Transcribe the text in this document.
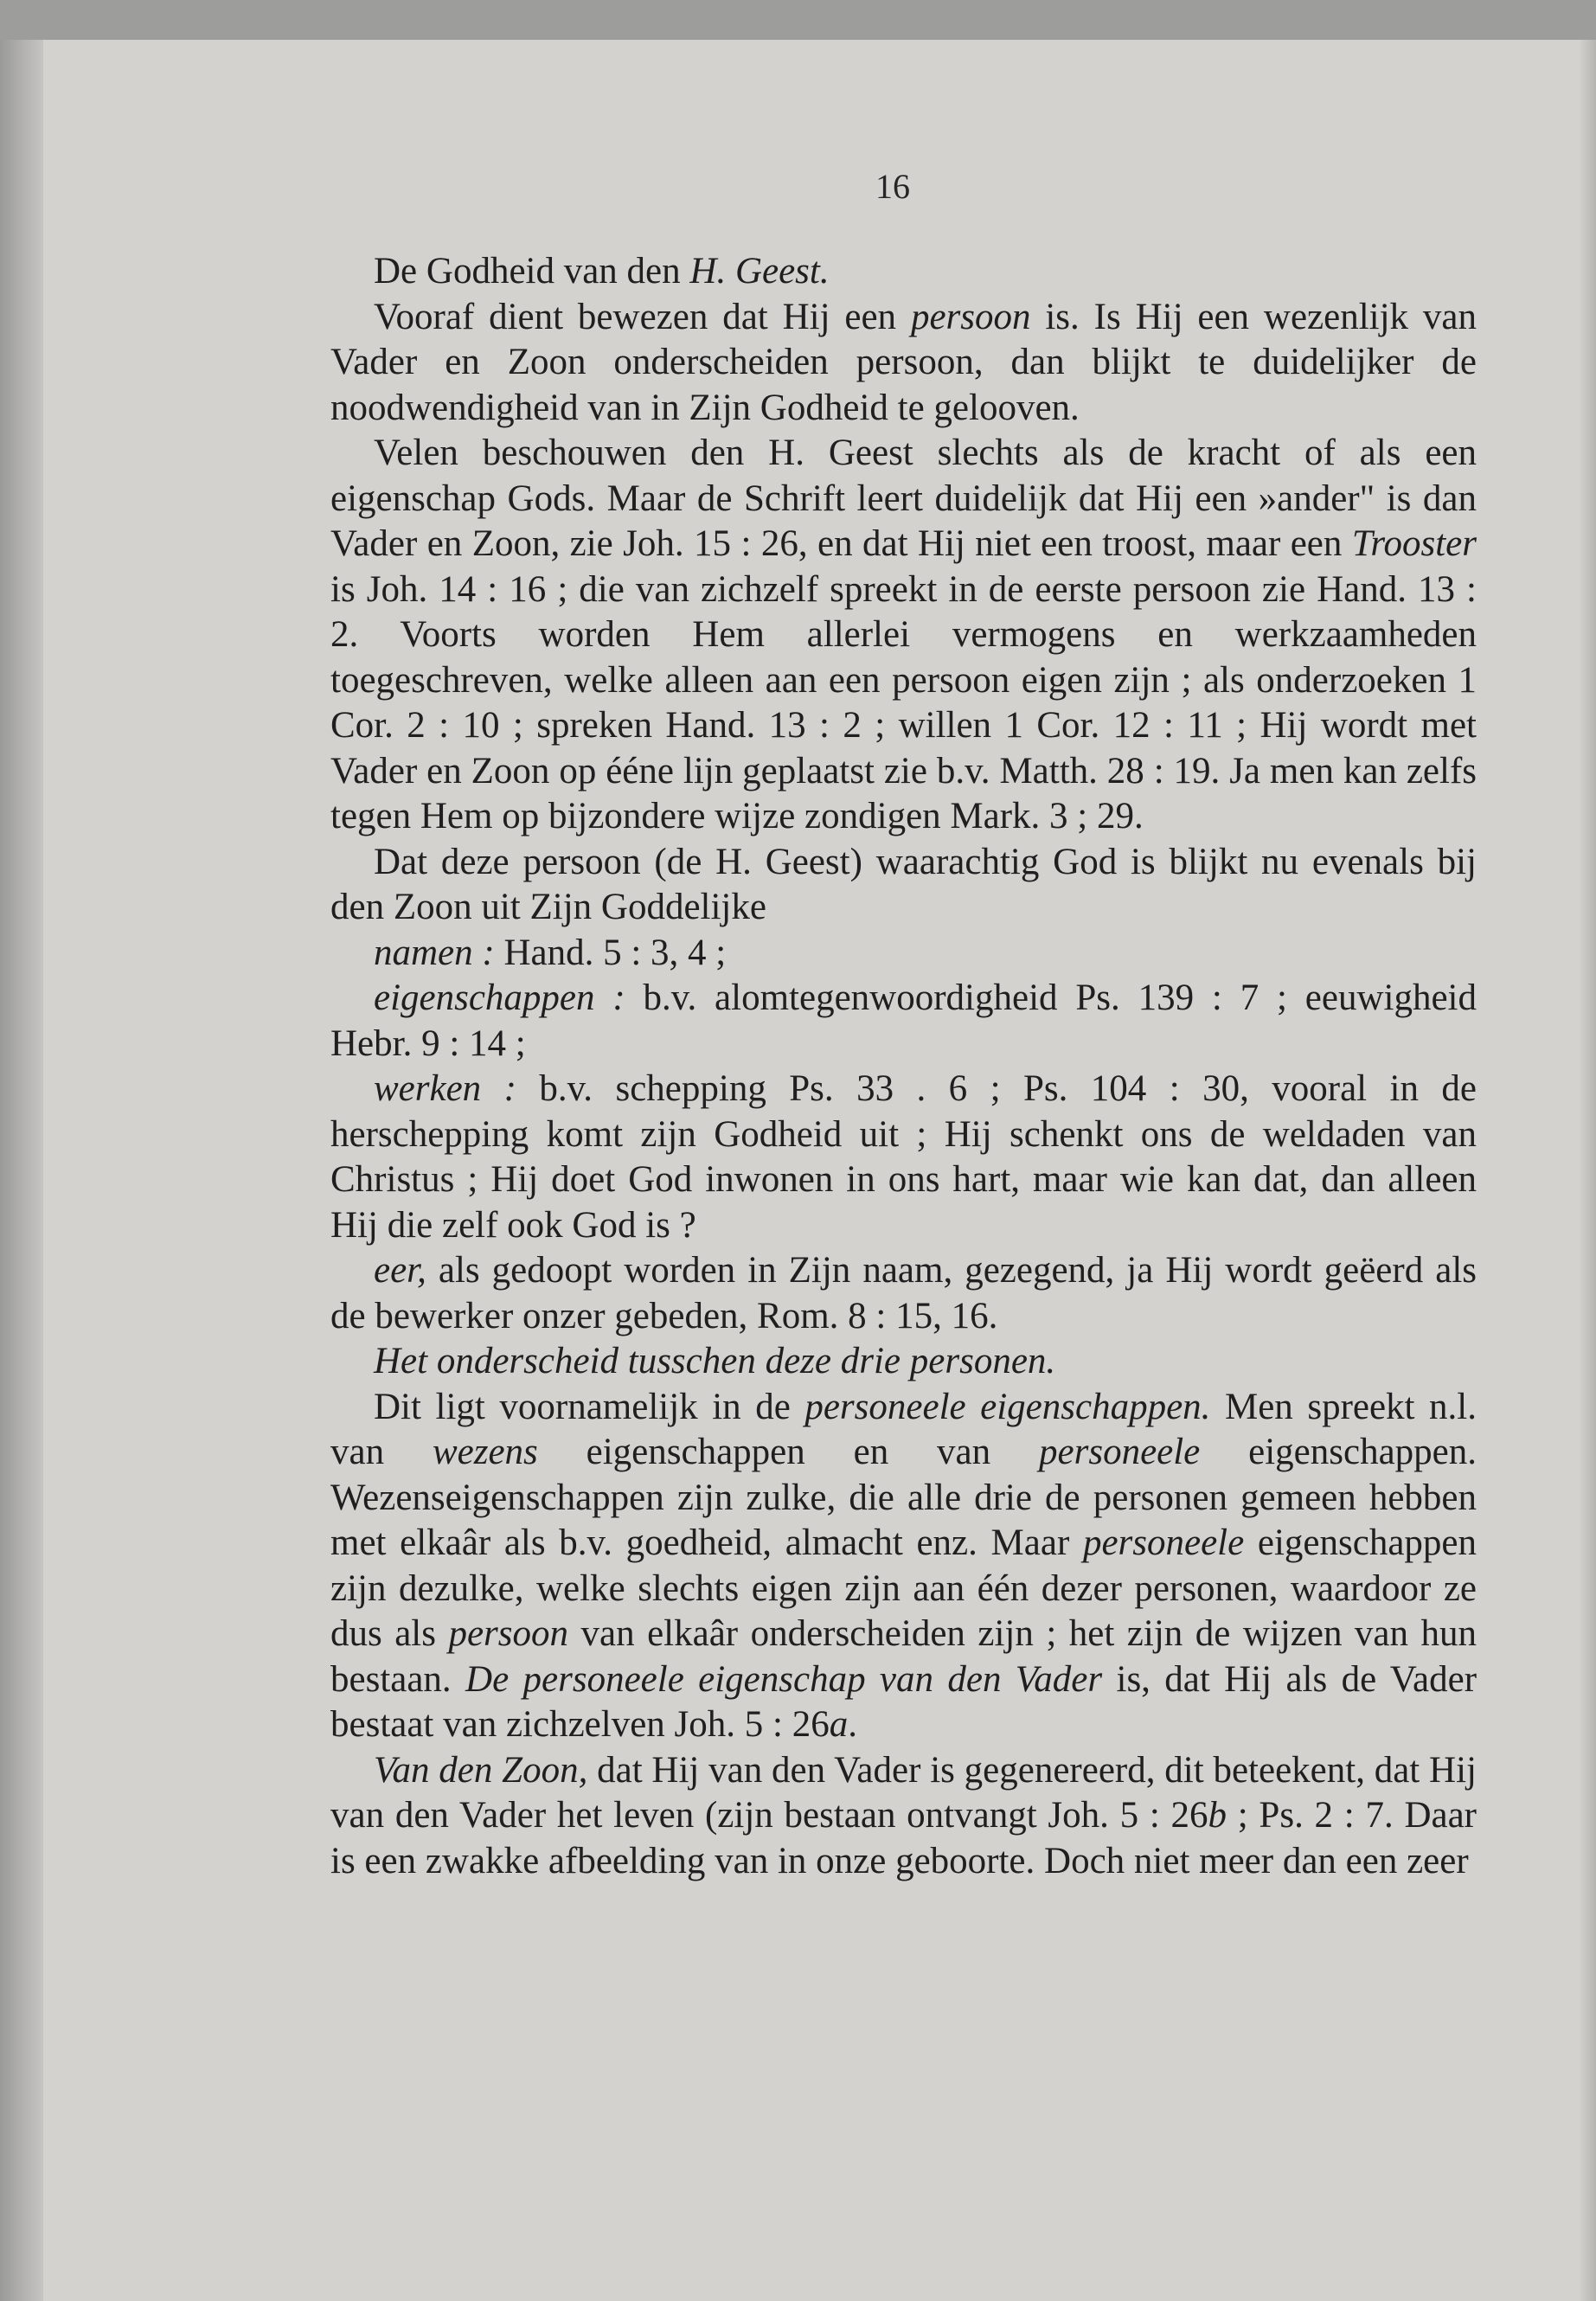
16

De Godheid van den H. Geest.

Vooraf dient bewezen dat Hij een persoon is. Is Hij een wezenlijk van Vader en Zoon onderscheiden persoon, dan blijkt te duidelijker de noodwendigheid van in Zijn Godheid te gelooven.

Velen beschouwen den H. Geest slechts als de kracht of als een eigenschap Gods. Maar de Schrift leert duidelijk dat Hij een »ander" is dan Vader en Zoon, zie Joh. 15 : 26, en dat Hij niet een troost, maar een Trooster is Joh. 14 : 16 ; die van zichzelf spreekt in de eerste persoon zie Hand. 13 : 2. Voorts worden Hem allerlei vermogens en werkzaamheden toegeschreven, welke alleen aan een persoon eigen zijn ; als onderzoeken 1 Cor. 2 : 10 ; spreken Hand. 13 : 2 ; willen 1 Cor. 12 : 11 ; Hij wordt met Vader en Zoon op ééne lijn geplaatst zie b.v. Matth. 28 : 19. Ja men kan zelfs tegen Hem op bijzondere wijze zondigen Mark. 3 ; 29.

Dat deze persoon (de H. Geest) waarachtig God is blijkt nu evenals bij den Zoon uit Zijn Goddelijke

namen : Hand. 5 : 3, 4 ;

eigenschappen : b.v. alomtegenwoordigheid Ps. 139 : 7 ; eeuwigheid Hebr. 9 : 14 ;

werken : b.v. schepping Ps. 33 . 6 ; Ps. 104 : 30, vooral in de herschepping komt zijn Godheid uit ; Hij schenkt ons de weldaden van Christus ; Hij doet God inwonen in ons hart, maar wie kan dat, dan alleen Hij die zelf ook God is ?

eer, als gedoopt worden in Zijn naam, gezegend, ja Hij wordt geëerd als de bewerker onzer gebeden, Rom. 8 : 15, 16.

Het onderscheid tusschen deze drie personen.

Dit ligt voornamelijk in de personeele eigenschappen. Men spreekt n.l. van wezens eigenschappen en van personeele eigenschappen. Wezenseigenschappen zijn zulke, die alle drie de personen gemeen hebben met elkaâr als b.v. goedheid, almacht enz. Maar personeele eigenschappen zijn dezulke, welke slechts eigen zijn aan één dezer personen, waardoor ze dus als persoon van elkaâr onderscheiden zijn ; het zijn de wijzen van hun bestaan. De personeele eigenschap van den Vader is, dat Hij als de Vader bestaat van zichzelven Joh. 5 : 26a.

Van den Zoon, dat Hij van den Vader is gegenereerd, dit beteekent, dat Hij van den Vader het leven (zijn bestaan ontvangt Joh. 5 : 26b ; Ps. 2 : 7. Daar is een zwakke afbeelding van in onze geboorte. Doch niet meer dan een zeer
